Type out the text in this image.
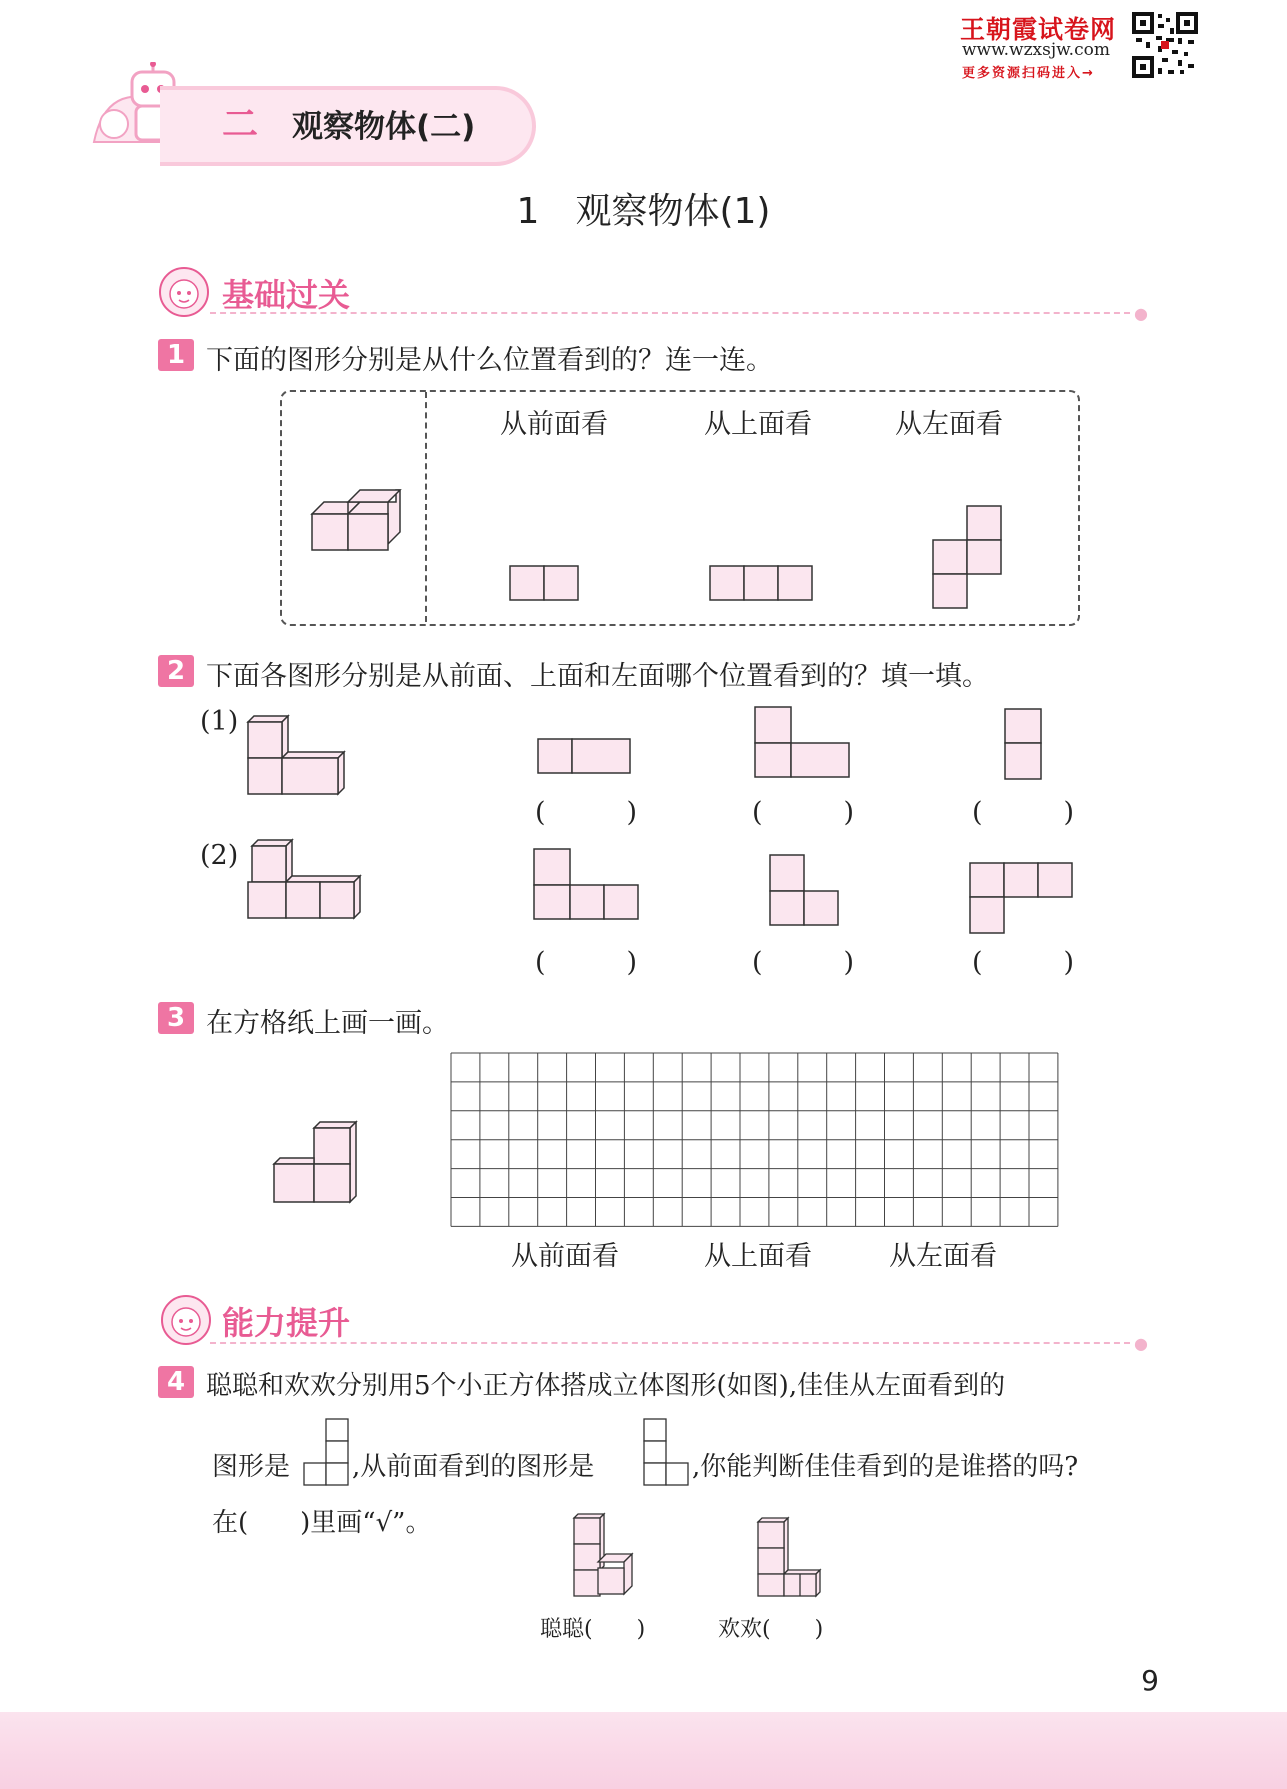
王朝霞试卷网
www.wzxsjw.com
更多资源扫码进入→
二 观察物体(二)
1　观察物体(1)
基础过关	●
1 下面的图形分别是从什么位置看到的？连一连。
从前面看	从上面看	从左面看
2 下面各图形分别是从前面、上面和左面哪个位置看到的？填一填。
(1)
(　　　)	(　　　)	(　　　)
(2)
(　　　)	(　　　)	(　　　)
3 在方格纸上画一画。
从前面看	从上面看	从左面看
能力提升
●
4 聪聪和欢欢分别用5个小正方体搭成立体图形(如图),佳佳从左面看到的
图形是 ,从前面看到的图形是	,你能判断佳佳看到的是谁搭的吗?
在(　　)里画“√”。
聪聪(　　)	欢欢(　　)
9
